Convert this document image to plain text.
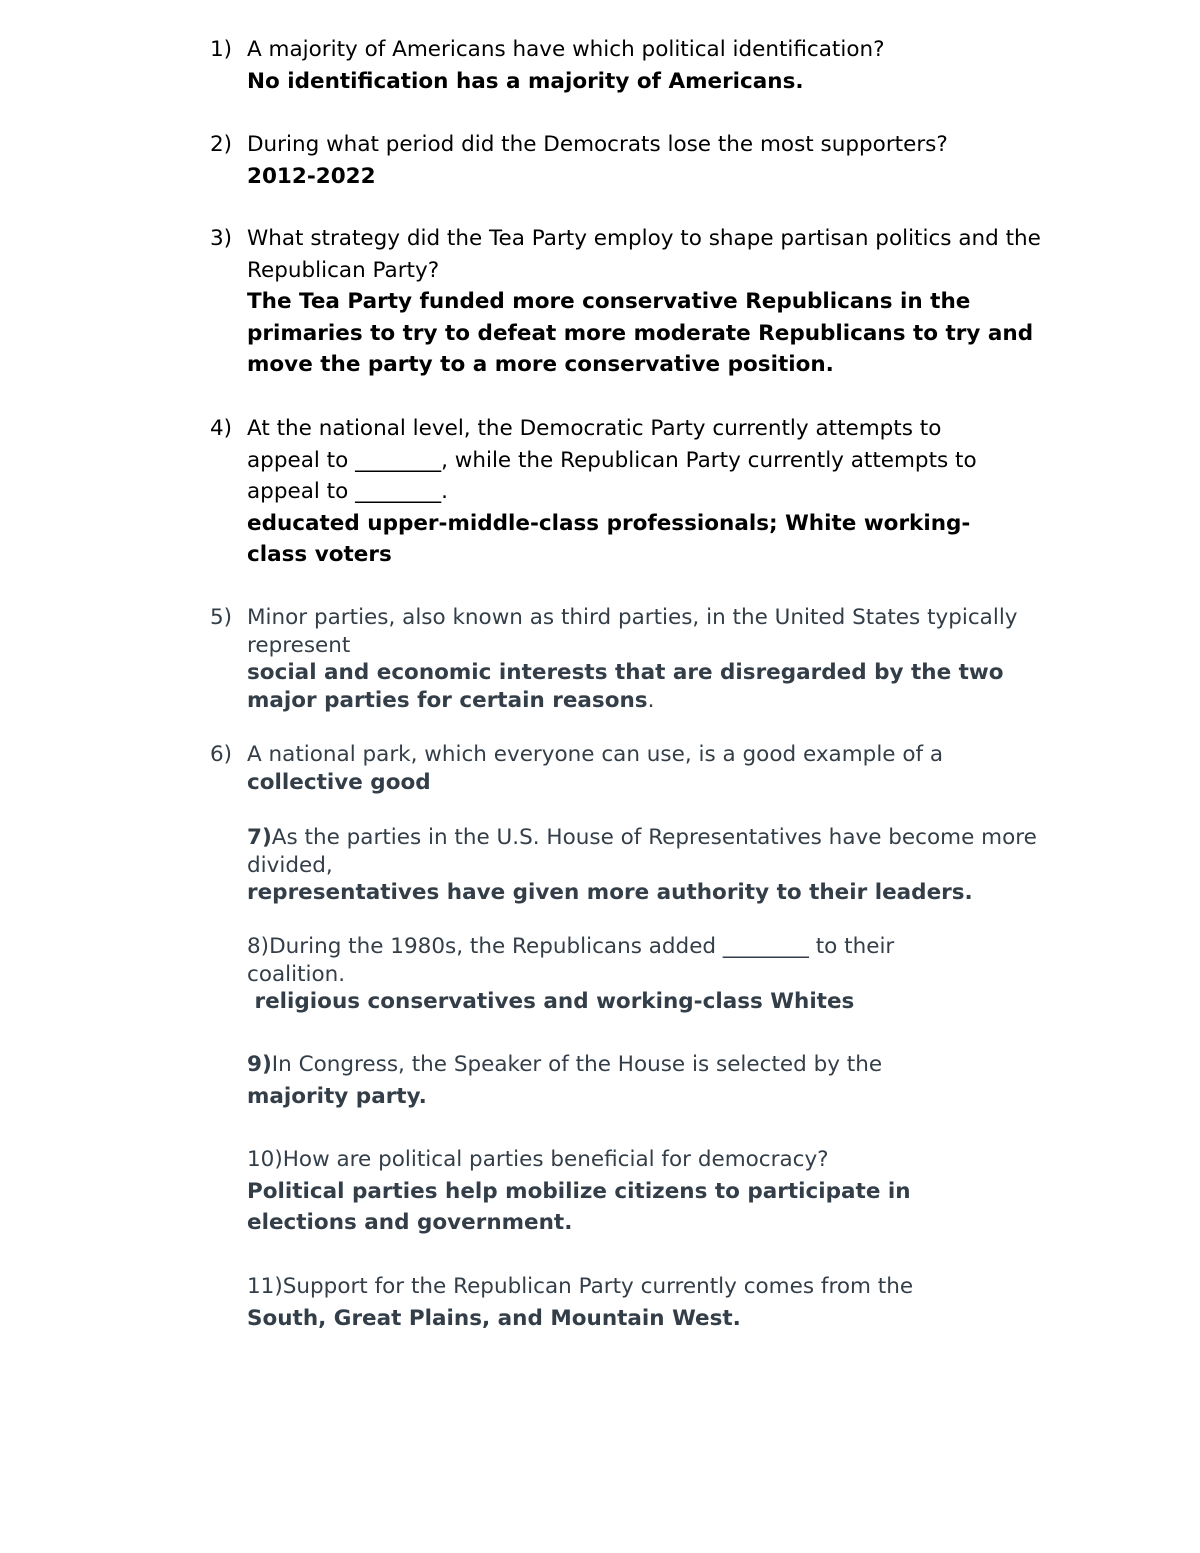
1) A majority of Americans have which political identification?
No identification has a majority of Americans.
2) During what period did the Democrats lose the most supporters?
2012-2022
3) What strategy did the Tea Party employ to shape partisan politics and the Republican Party?
The Tea Party funded more conservative Republicans in the primaries to try to defeat more moderate Republicans to try and move the party to a more conservative position.
4) At the national level, the Democratic Party currently attempts to
appeal to ________, while the Republican Party currently attempts to
appeal to ________.
educated upper-middle-class professionals; White working-
class voters
5) Minor parties, also known as third parties, in the United States typically represent
social and economic interests that are disregarded by the two major parties for certain reasons.
6) A national park, which everyone can use, is a good example of a
collective good
7)As the parties in the U.S. House of Representatives have become more divided,
representatives have given more authority to their leaders.
8)During the 1980s, the Republicans added ________ to their coalition.
religious conservatives and working-class Whites
9)In Congress, the Speaker of the House is selected by the
majority party.
10)How are political parties beneficial for democracy?
Political parties help mobilize citizens to participate in
elections and government.
11)Support for the Republican Party currently comes from the
South, Great Plains, and Mountain West.
